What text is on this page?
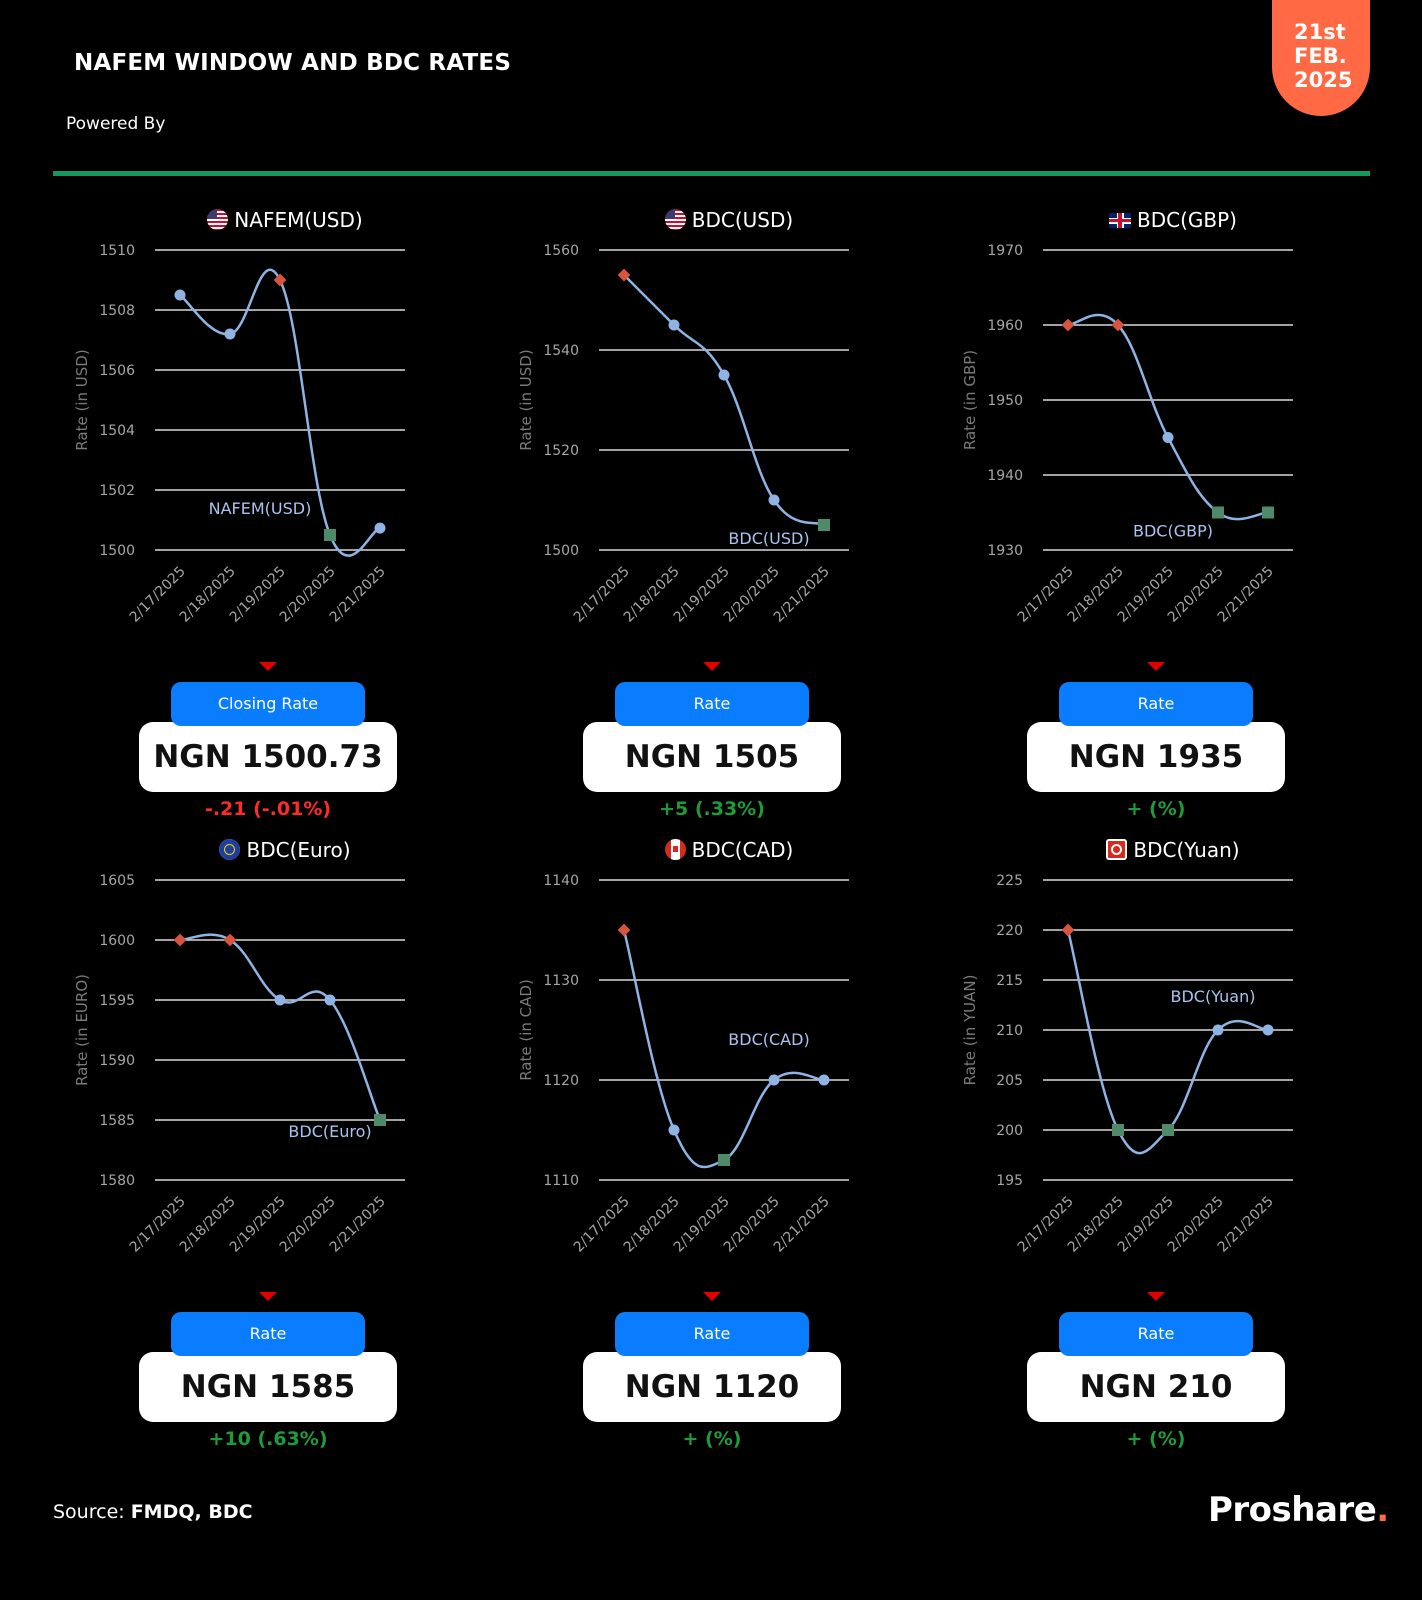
NAFEM WINDOW AND BDC RATES
Powered By
21st
FEB.
2025
NAFEM(USD)
1500
1502
1504
1506
1508
1510
Rate (in USD)
2/17/2025
2/18/2025
2/19/2025
2/20/2025
2/21/2025
NAFEM(USD)
BDC(USD)
1500
1520
1540
1560
Rate (in USD)
2/17/2025
2/18/2025
2/19/2025
2/20/2025
2/21/2025
BDC(USD)
BDC(GBP)
1930
1940
1950
1960
1970
Rate (in GBP)
2/17/2025
2/18/2025
2/19/2025
2/20/2025
2/21/2025
BDC(GBP)
BDC(Euro)
1580
1585
1590
1595
1600
1605
Rate (in EURO)
2/17/2025
2/18/2025
2/19/2025
2/20/2025
2/21/2025
BDC(Euro)
BDC(CAD)
1110
1120
1130
1140
Rate (in CAD)
2/17/2025
2/18/2025
2/19/2025
2/20/2025
2/21/2025
BDC(CAD)
BDC(Yuan)
195
200
205
210
215
220
225
Rate (in YUAN)
2/17/2025
2/18/2025
2/19/2025
2/20/2025
2/21/2025
BDC(Yuan)
Closing Rate
NGN 1500.73
-.21 (-.01%)
Rate
NGN 1505
+5 (.33%)
Rate
NGN 1935
+ (%)
Rate
NGN 1585
+10 (.63%)
Rate
NGN 1120
+ (%)
Rate
NGN 210
+ (%)
Source: FMDQ, BDC	Proshare.
